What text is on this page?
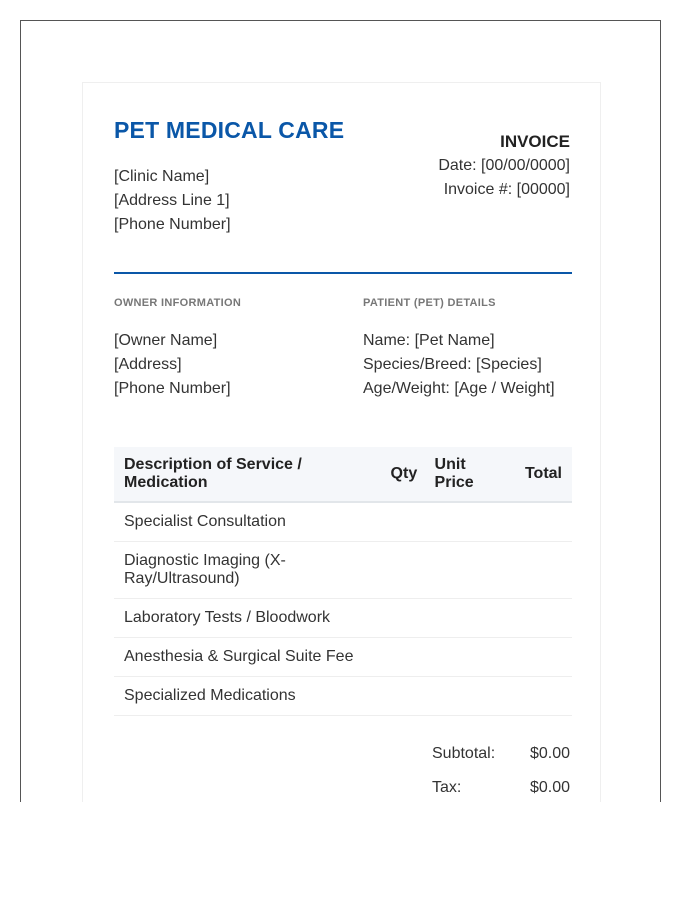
PET MEDICAL CARE
[Clinic Name]
[Address Line 1]
[Phone Number]
INVOICE
Date: [00/00/0000]
Invoice #: [00000]
OWNER INFORMATION	PATIENT (PET) DETAILS
[Owner Name]
[Address]
[Phone Number]
Name: [Pet Name]
Species/Breed: [Species]
Age/Weight: [Age / Weight]
Description of Service / Medication	Qty	Unit Price	Total
Specialist Consultation			
Diagnostic Imaging (X-Ray/Ultrasound)			
Laboratory Tests / Bloodwork			
Anesthesia & Surgical Suite Fee			
Specialized Medications			
Subtotal: $0.00
Tax:	$0.00
